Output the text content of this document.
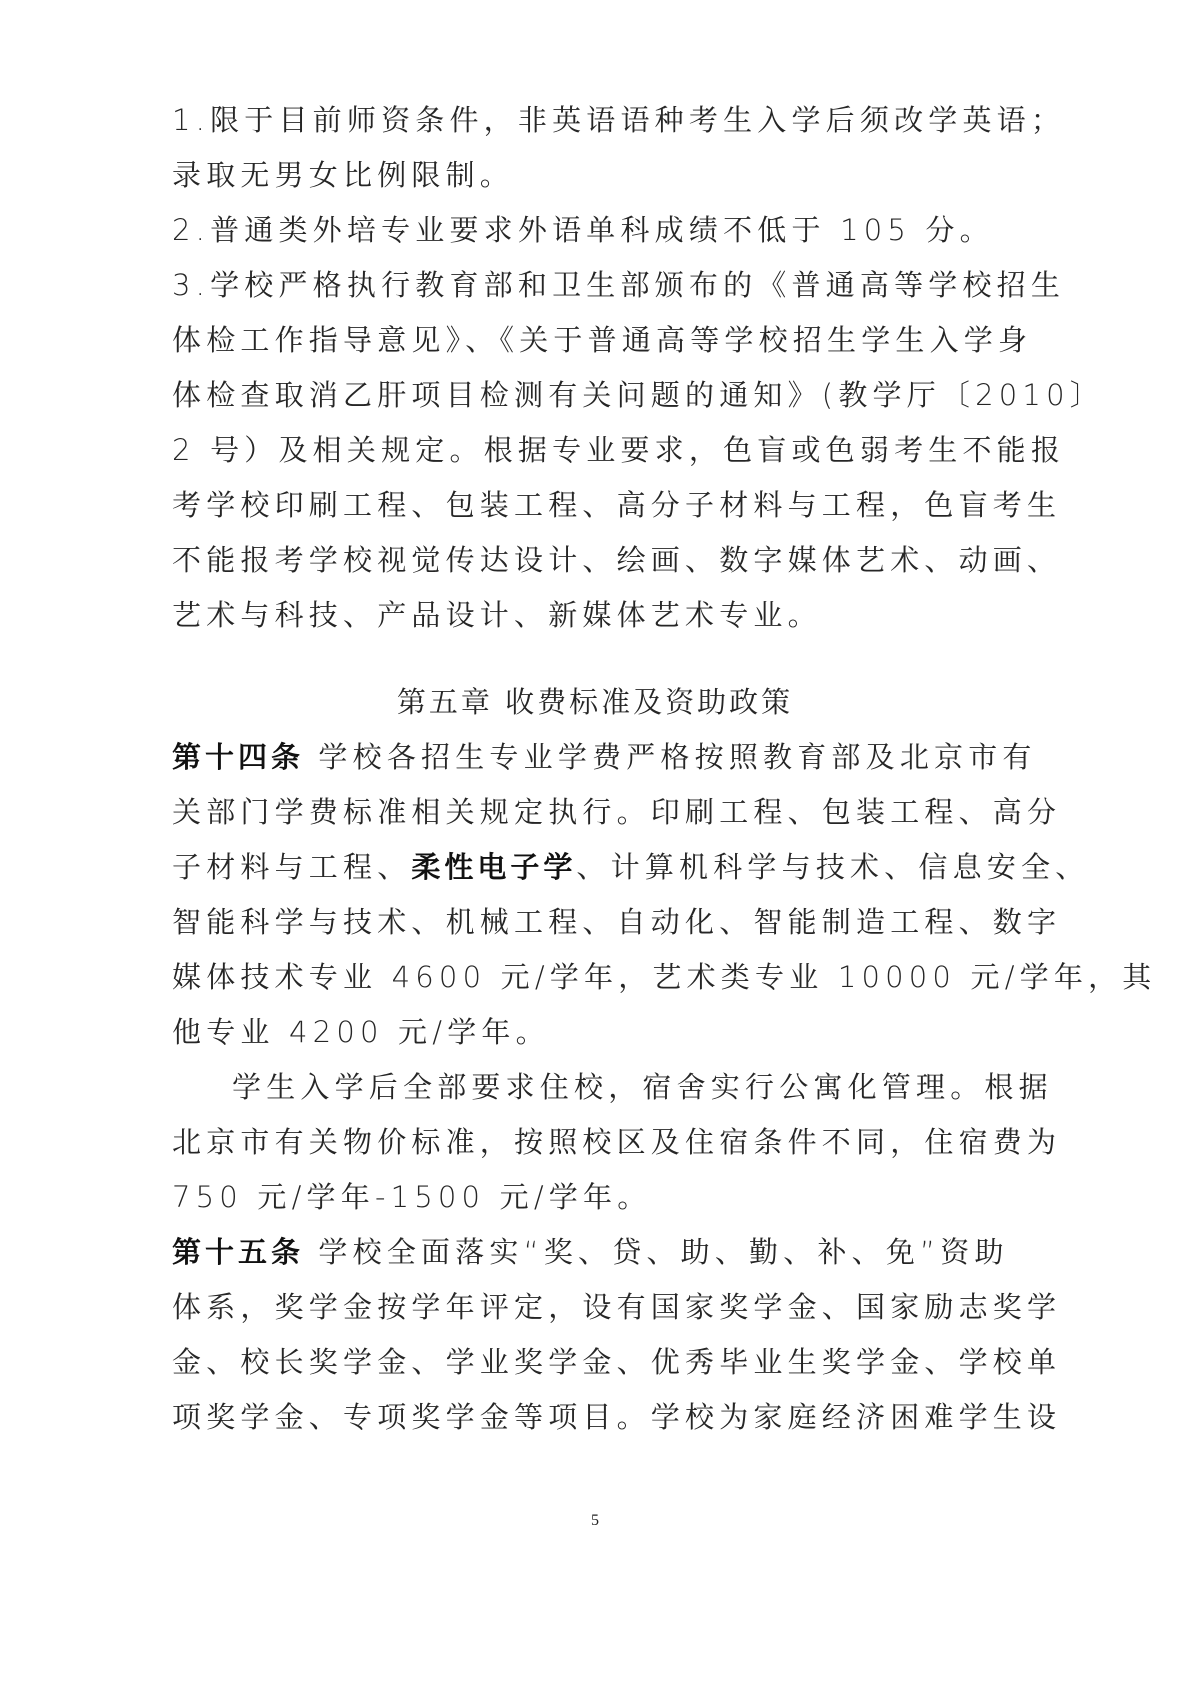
1.限于目前师资条件，非英语语种考生入学后须改学英语；
录取无男女比例限制。
2.普通类外培专业要求外语单科成绩不低于 105 分。
3.学校严格执行教育部和卫生部颁布的《普通高等学校招生
体检工作指导意见》、《关于普通高等学校招生学生入学身
体检查取消乙肝项目检测有关问题的通知》(教学厅〔2010〕
2 号）及相关规定。根据专业要求，色盲或色弱考生不能报
考学校印刷工程、包装工程、高分子材料与工程，色盲考生
不能报考学校视觉传达设计、绘画、数字媒体艺术、动画、
艺术与科技、产品设计、新媒体艺术专业。
第五章 收费标准及资助政策
第十四条 学校各招生专业学费严格按照教育部及北京市有
关部门学费标准相关规定执行。印刷工程、包装工程、高分
子材料与工程、柔性电子学、计算机科学与技术、信息安全、
智能科学与技术、机械工程、自动化、智能制造工程、数字
媒体技术专业 4600 元/学年，艺术类专业 10000 元/学年，其
他专业 4200 元/学年。
学生入学后全部要求住校，宿舍实行公寓化管理。根据
北京市有关物价标准，按照校区及住宿条件不同，住宿费为
750 元/学年-1500 元/学年。
第十五条 学校全面落实“奖、贷、助、勤、补、免”资助
体系，奖学金按学年评定，设有国家奖学金、国家励志奖学
金、校长奖学金、学业奖学金、优秀毕业生奖学金、学校单
项奖学金、专项奖学金等项目。学校为家庭经济困难学生设
5
